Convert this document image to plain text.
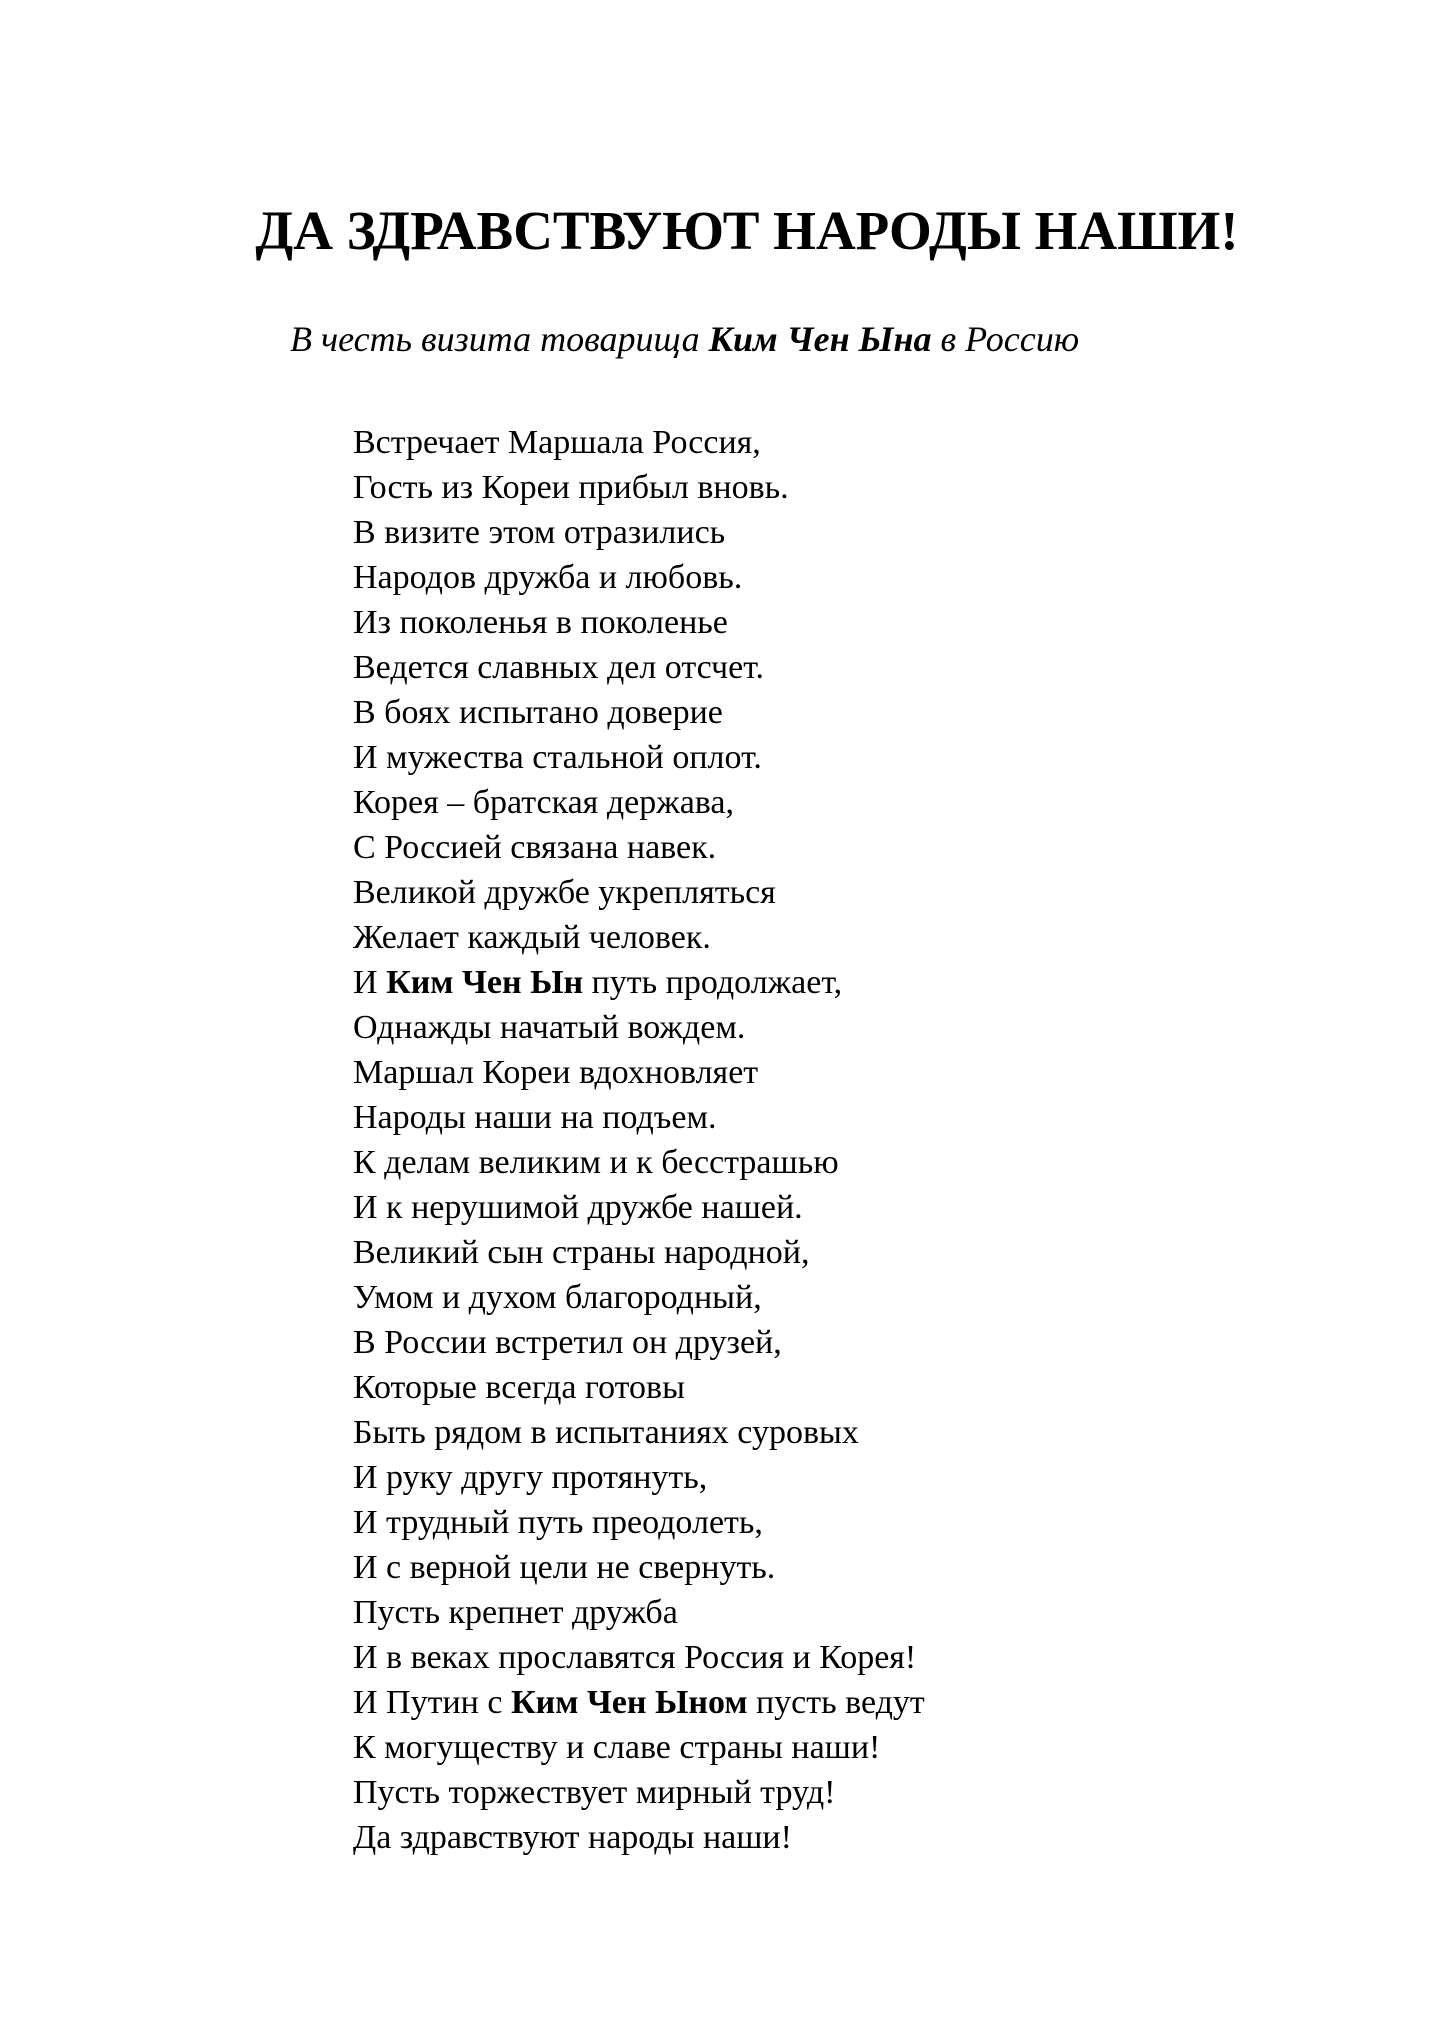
ДА ЗДРАВСТВУЮТ НАРОДЫ НАШИ!

В честь визита товарища Ким Чен Ына в Россию

Встречает Маршала Россия,
Гость из Кореи прибыл вновь.
В визите этом отразились
Народов дружба и любовь.
Из поколенья в поколенье
Ведется славных дел отсчет.
В боях испытано доверие
И мужества стальной оплот.
Корея – братская держава,
С Россией связана навек.
Великой дружбе укрепляться
Желает каждый человек.
И Ким Чен Ын путь продолжает,
Однажды начатый вождем.
Маршал Кореи вдохновляет
Народы наши на подъем.
К делам великим и к бесстрашью
И к нерушимой дружбе нашей.
Великий сын страны народной,
Умом и духом благородный,
В России встретил он друзей,
Которые всегда готовы
Быть рядом в испытаниях суровых
И руку другу протянуть,
И трудный путь преодолеть,
И с верной цели не свернуть.
Пусть крепнет дружба
И в веках прославятся Россия и Корея!
И Путин с Ким Чен Ыном пусть ведут
К могуществу и славе страны наши!
Пусть торжествует мирный труд!
Да здравствуют народы наши!
